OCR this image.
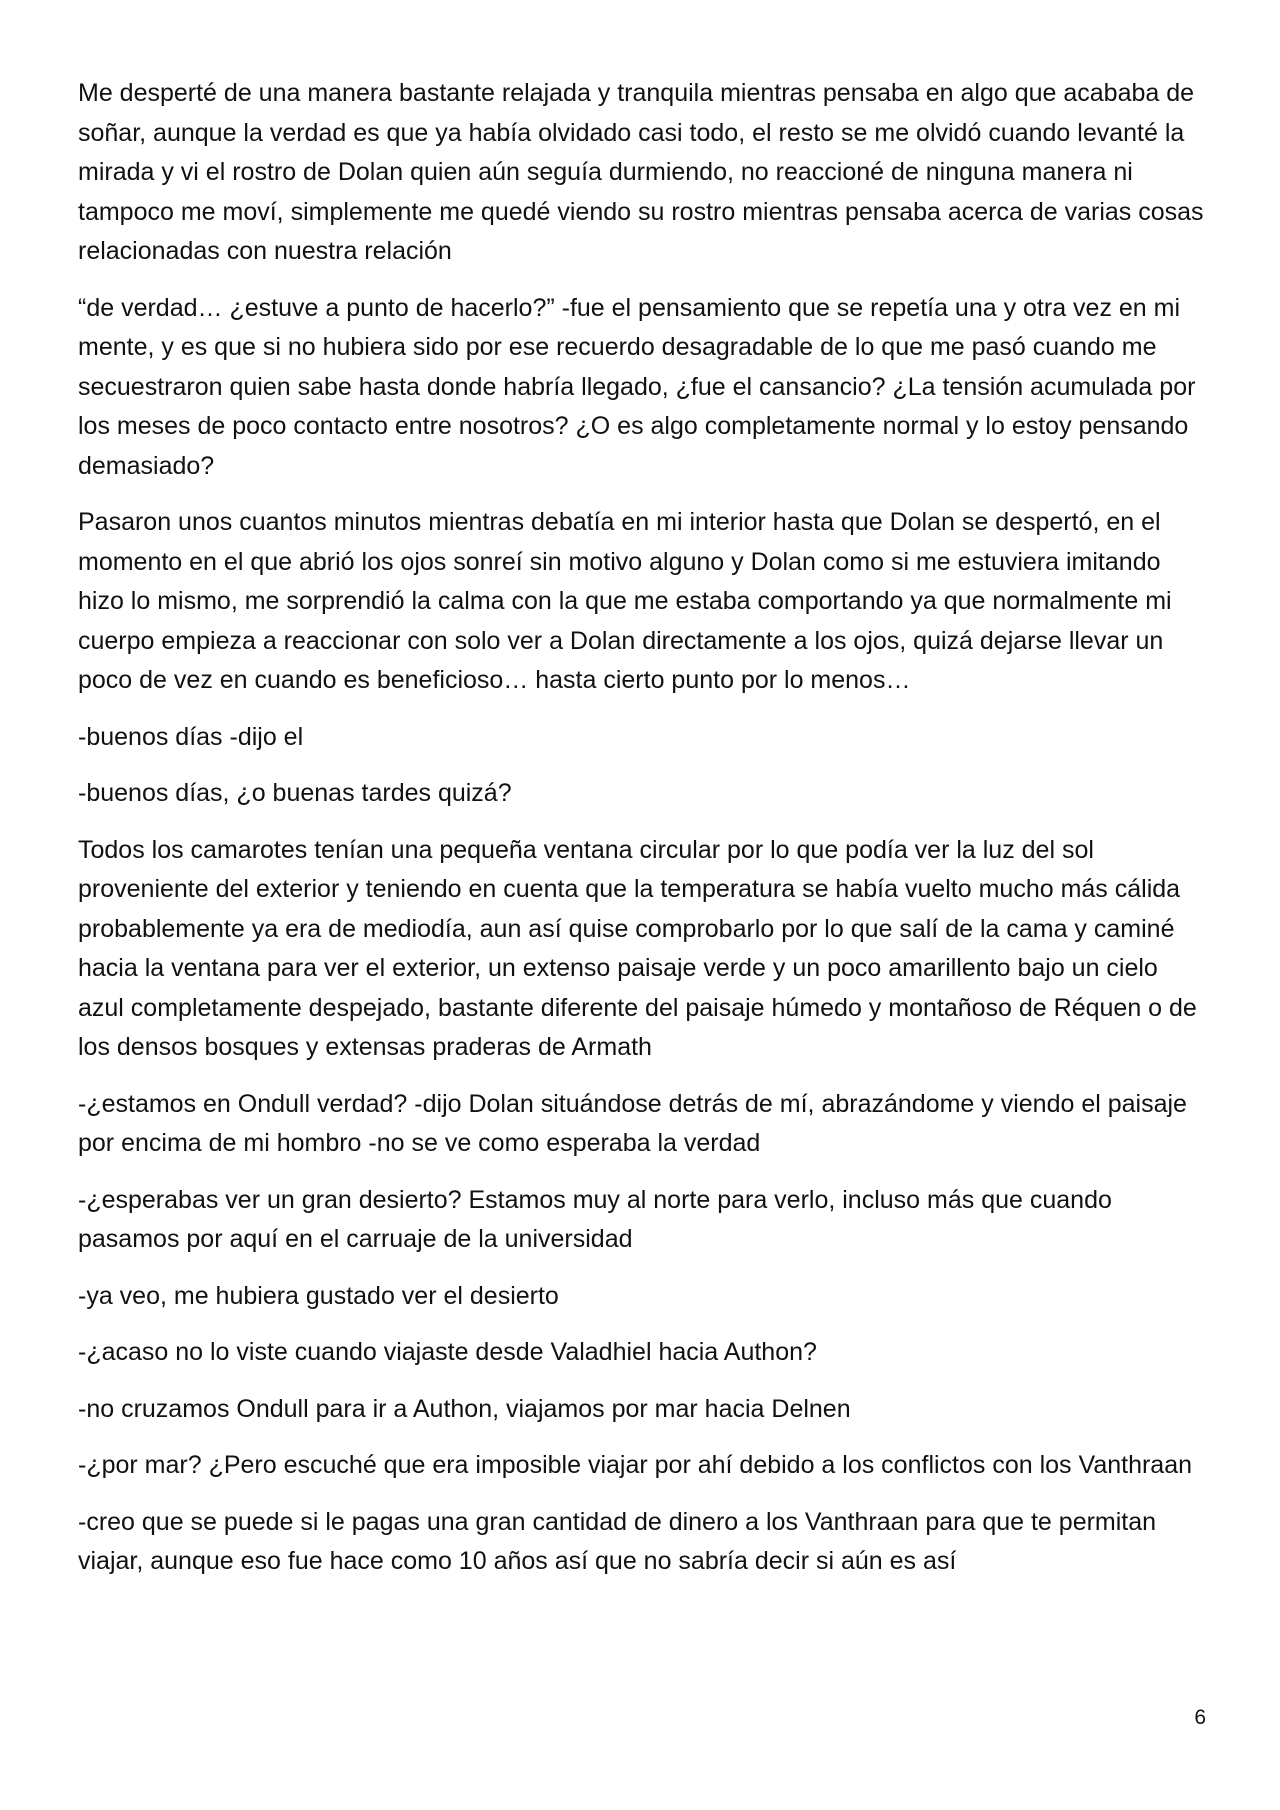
Me desperté de una manera bastante relajada y tranquila mientras pensaba en algo que acababa de soñar, aunque la verdad es que ya había olvidado casi todo, el resto se me olvidó cuando levanté la mirada y vi el rostro de Dolan quien aún seguía durmiendo, no reaccioné de ninguna manera ni tampoco me moví, simplemente me quedé viendo su rostro mientras pensaba acerca de varias cosas relacionadas con nuestra relación

“de verdad… ¿estuve a punto de hacerlo?” -fue el pensamiento que se repetía una y otra vez en mi mente, y es que si no hubiera sido por ese recuerdo desagradable de lo que me pasó cuando me secuestraron quien sabe hasta donde habría llegado, ¿fue el cansancio? ¿La tensión acumulada por los meses de poco contacto entre nosotros? ¿O es algo completamente normal y lo estoy pensando demasiado?

Pasaron unos cuantos minutos mientras debatía en mi interior hasta que Dolan se despertó, en el momento en el que abrió los ojos sonreí sin motivo alguno y Dolan como si me estuviera imitando hizo lo mismo, me sorprendió la calma con la que me estaba comportando ya que normalmente mi cuerpo empieza a reaccionar con solo ver a Dolan directamente a los ojos, quizá dejarse llevar un poco de vez en cuando es beneficioso… hasta cierto punto por lo menos…

-buenos días -dijo el

-buenos días, ¿o buenas tardes quizá?

Todos los camarotes tenían una pequeña ventana circular por lo que podía ver la luz del sol proveniente del exterior y teniendo en cuenta que la temperatura se había vuelto mucho más cálida probablemente ya era de mediodía, aun así quise comprobarlo por lo que salí de la cama y caminé hacia la ventana para ver el exterior, un extenso paisaje verde y un poco amarillento bajo un cielo azul completamente despejado, bastante diferente del paisaje húmedo y montañoso de Réquen o de los densos bosques y extensas praderas de Armath

-¿estamos en Ondull verdad? -dijo Dolan situándose detrás de mí, abrazándome y viendo el paisaje por encima de mi hombro -no se ve como esperaba la verdad

-¿esperabas ver un gran desierto? Estamos muy al norte para verlo, incluso más que cuando pasamos por aquí en el carruaje de la universidad

-ya veo, me hubiera gustado ver el desierto

-¿acaso no lo viste cuando viajaste desde Valadhiel hacia Authon?

-no cruzamos Ondull para ir a Authon, viajamos por mar hacia Delnen

-¿por mar? ¿Pero escuché que era imposible viajar por ahí debido a los conflictos con los Vanthraan

-creo que se puede si le pagas una gran cantidad de dinero a los Vanthraan para que te permitan viajar, aunque eso fue hace como 10 años así que no sabría decir si aún es así

6
